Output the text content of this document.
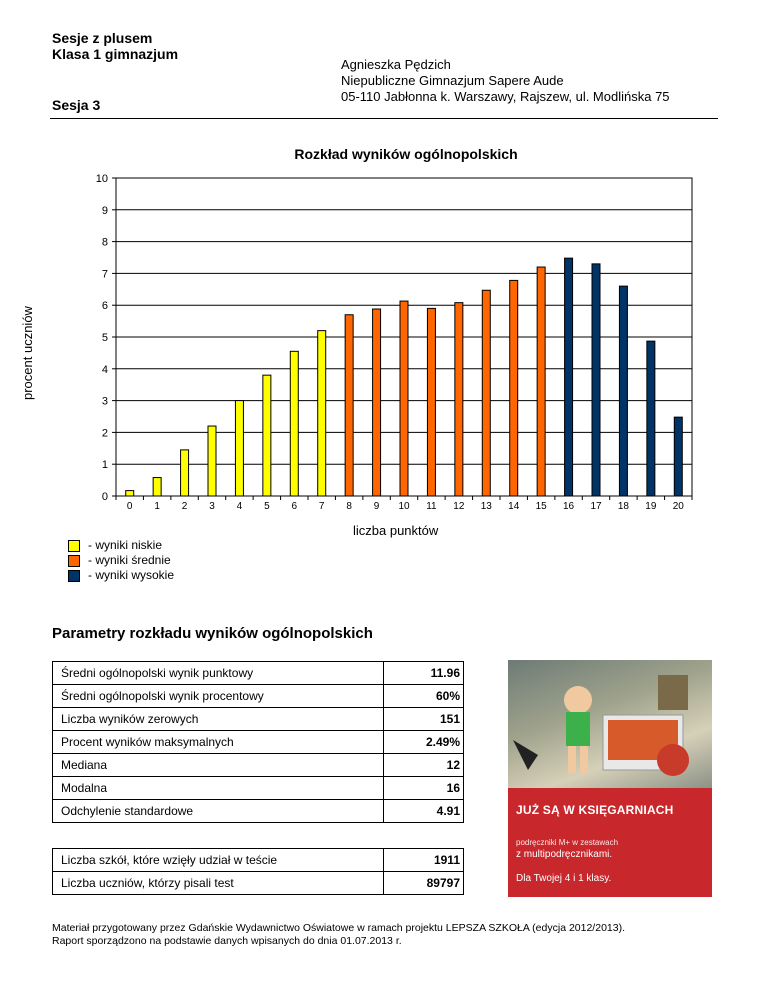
Sesje z plusem
Klasa 1 gimnazjum
Sesja 3
Agnieszka Pędzich
Niepubliczne Gimnazjum Sapere Aude
05-110 Jabłonna k. Warszawy, Rajszew, ul. Modlińska 75
Rozkład wyników ogólnopolskich
0
1
2
3
4
5
6
7
8
9
10
0 1 2 3 4 5 6 7 8 9 10 11 12 13 14 15 16 17 18 19 20
procent uczniów
liczba punktów
- wyniki niskie
- wyniki średnie
- wyniki wysokie
Parametry rozkładu wyników ogólnopolskich
Średni ogólnopolski wynik punktowy	11.96
Średni ogólnopolski wynik procentowy	60%
Liczba wyników zerowych	151
Procent wyników maksymalnych	2.49%
Mediana	12
Modalna	16
Odchylenie standardowe	4.91
Liczba szkół, które wzięły udział w teście	1911
Liczba uczniów, którzy pisali test	89797
JUŻ SĄ W KSIĘGARNIACH
podręczniki M+ w zestawach
z multipodręcznikami.
Dla Twojej 4 i 1 klasy.
Materiał przygotowany przez Gdańskie Wydawnictwo Oświatowe w ramach projektu LEPSZA SZKOŁA (edycja 2012/2013).
Raport sporządzono na podstawie danych wpisanych do dnia 01.07.2013 r.
